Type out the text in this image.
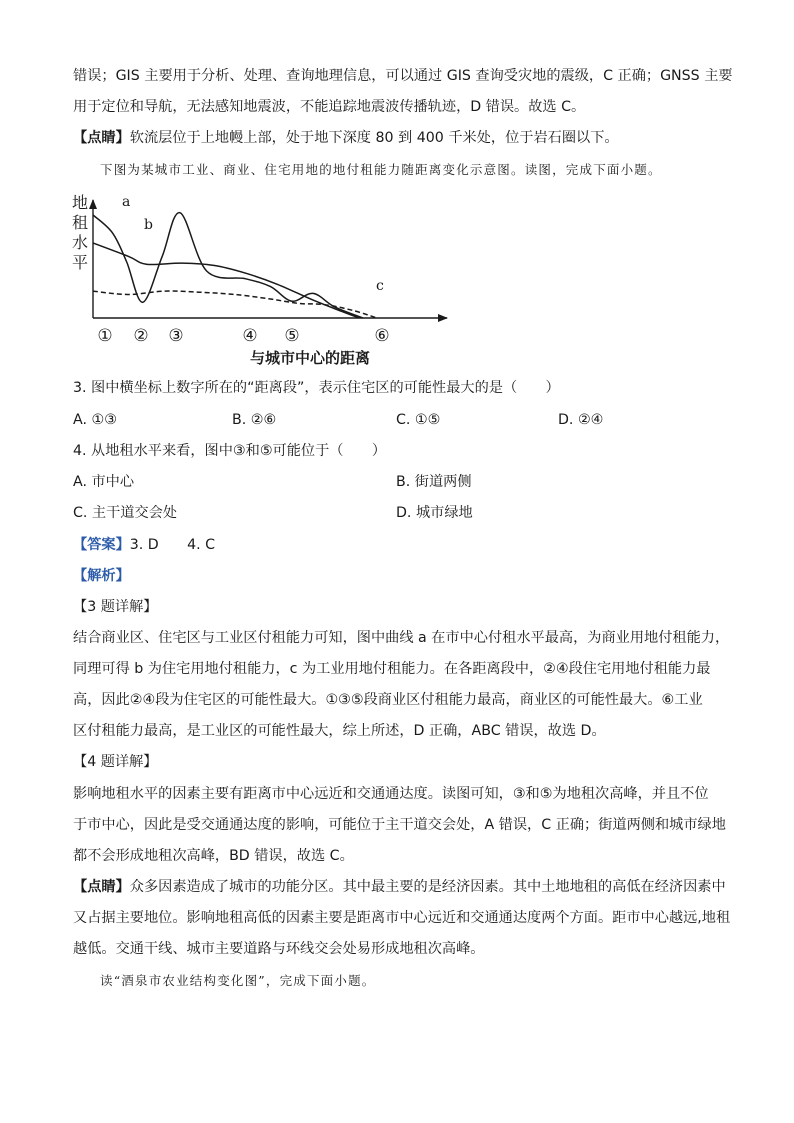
错误；GIS 主要用于分析、处理、查询地理信息，可以通过 GIS 查询受灾地的震级，C 正确；GNSS 主要
用于定位和导航，无法感知地震波，不能追踪地震波传播轨迹，D 错误。故选 C。
【点睛】软流层位于上地幔上部，处于地下深度 80 到 400 千米处，位于岩石圈以下。
下图为某城市工业、商业、住宅用地的地付租能力随距离变化示意图。读图，完成下面小题。
地
租
水
平
a
b
c
① ② ③	④ ⑤	⑥
与城市中心的距离
3. 图中横坐标上数字所在的“距离段”，表示住宅区的可能性最大的是（　　）
A. ①③	B. ②⑥	C. ①⑤	D. ②④
4. 从地租水平来看，图中③和⑤可能位于（　　）
A. 市中心	B. 街道两侧
C. 主干道交会处	D. 城市绿地
【答案】3. D　　4. C
【解析】
【3 题详解】
结合商业区、住宅区与工业区付租能力可知，图中曲线 a 在市中心付租水平最高，为商业用地付租能力，
同理可得 b 为住宅用地付租能力，c 为工业用地付租能力。在各距离段中，②④段住宅用地付租能力最
高，因此②④段为住宅区的可能性最大。①③⑤段商业区付租能力最高，商业区的可能性最大。⑥工业
区付租能力最高，是工业区的可能性最大，综上所述，D 正确，ABC 错误，故选 D。
【4 题详解】
影响地租水平的因素主要有距离市中心远近和交通通达度。读图可知，③和⑤为地租次高峰，并且不位
于市中心，因此是受交通通达度的影响，可能位于主干道交会处，A 错误，C 正确；街道两侧和城市绿地
都不会形成地租次高峰，BD 错误，故选 C。
【点睛】众多因素造成了城市的功能分区。其中最主要的是经济因素。其中土地地租的高低在经济因素中
又占据主要地位。影响地租高低的因素主要是距离市中心远近和交通通达度两个方面。距市中心越远,地租
越低。交通干线、城市主要道路与环线交会处易形成地租次高峰。
读“酒泉市农业结构变化图”，完成下面小题。
